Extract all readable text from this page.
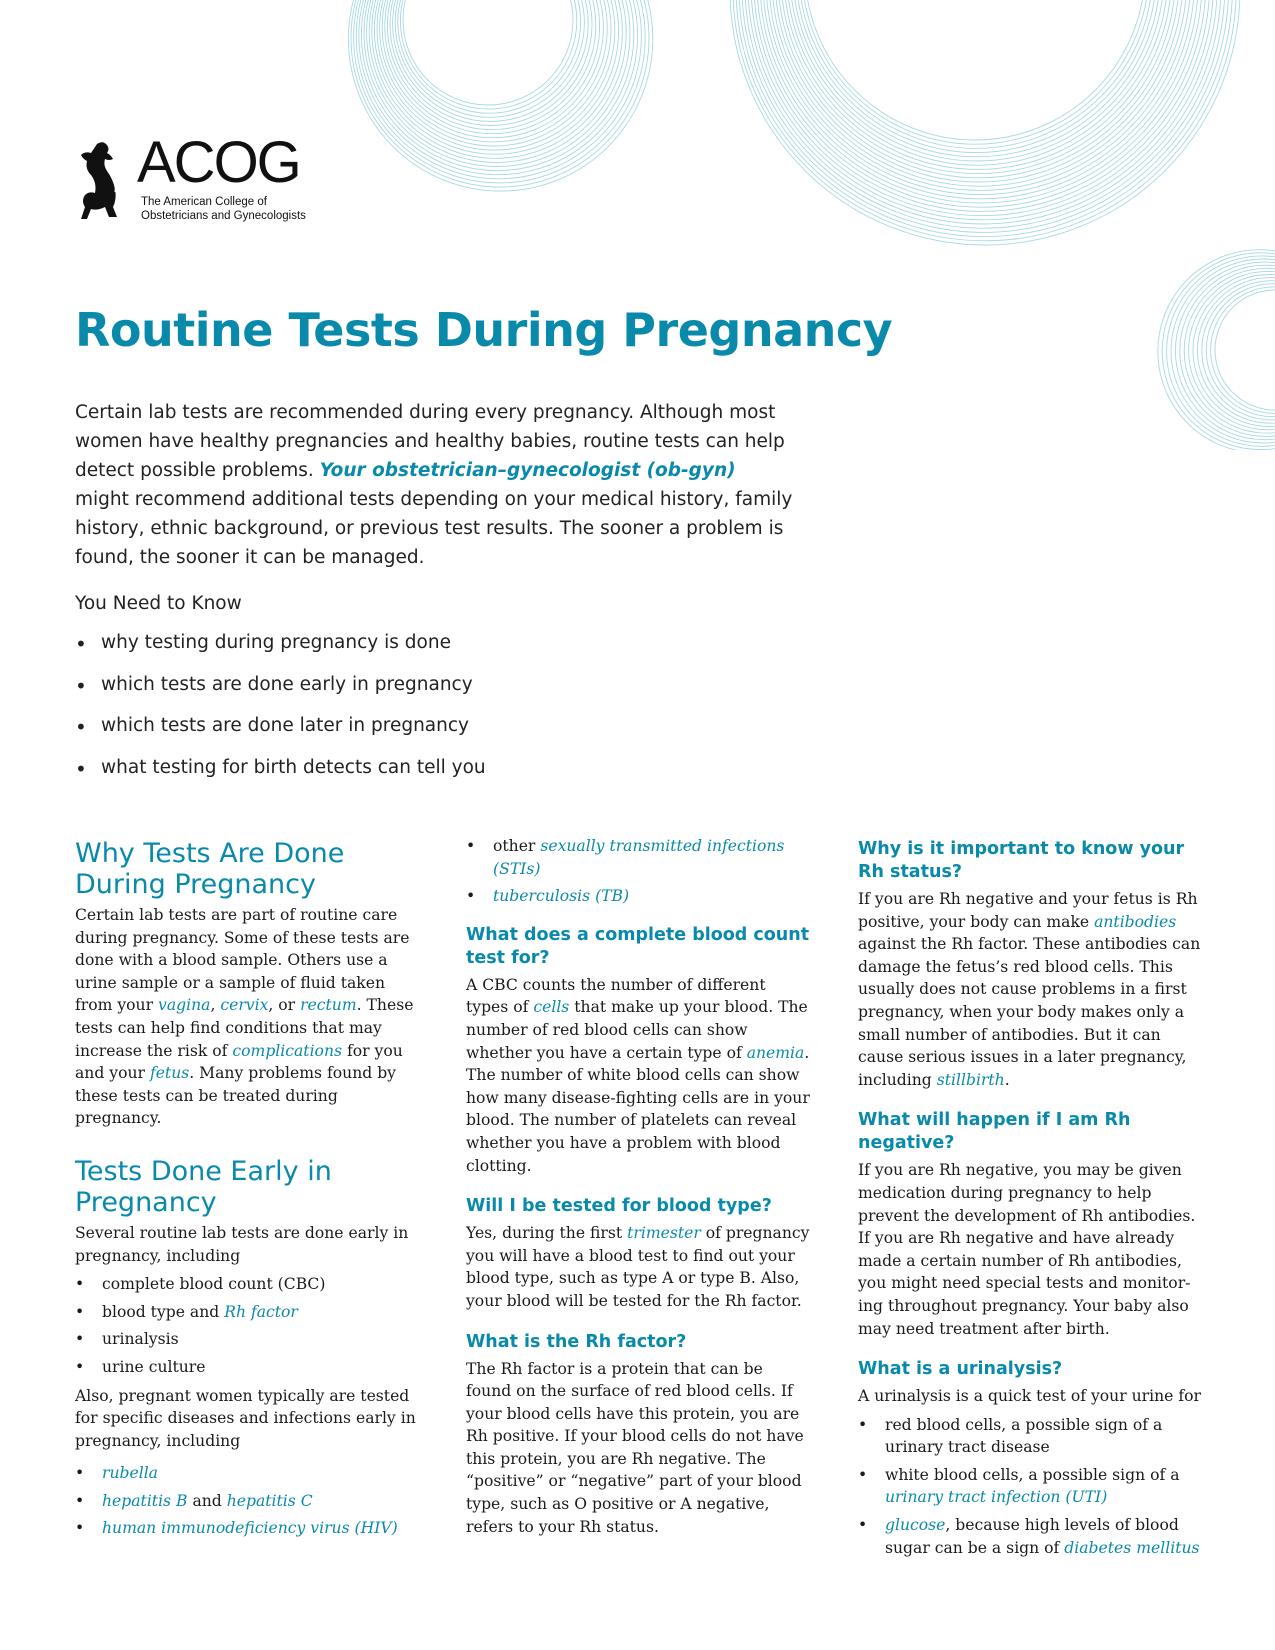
ACOG
The American College of
Obstetricians and Gynecologists
Routine Tests During Pregnancy

Certain lab tests are recommended during every pregnancy. Although most women have healthy pregnancies and healthy babies, routine tests can help detect possible problems. Your obstetrician–gynecologist (ob-gyn) might recommend additional tests depending on your medical history, family history, ethnic background, or previous test results. The sooner a problem is found, the sooner it can be managed.

You Need to Know
• why testing during pregnancy is done
• which tests are done early in pregnancy
• which tests are done later in pregnancy
• what testing for birth detects can tell you
Why Tests Are Done
During Pregnancy

Certain lab tests are part of routine care during pregnancy. Some of these tests are done with a blood sample. Others use a urine sample or a sample of fluid taken from your vagina, cervix, or rectum. These tests can help find conditions that may increase the risk of complications for you and your fetus. Many problems found by these tests can be treated during pregnancy.

Tests Done Early in
Pregnancy

Several routine lab tests are done early in pregnancy, including

• complete blood count (CBC)
• blood type and Rh factor
• urinalysis
• urine culture

Also, pregnant women typically are tested for specific diseases and infections early in pregnancy, including

• rubella
• hepatitis B and hepatitis C
• human immunodeficiency virus (HIV)
• other sexually transmitted infections (STIs)
• tuberculosis (TB)
What does a complete blood count test for?

A CBC counts the number of different types of cells that make up your blood. The number of red blood cells can show whether you have a certain type of anemia. The number of white blood cells can show how many disease-fighting cells are in your blood. The number of platelets can reveal whether you have a problem with blood clotting.

Will I be tested for blood type?

Yes, during the first trimester of pregnancy you will have a blood test to find out your blood type, such as type A or type B. Also, your blood will be tested for the Rh factor.

What is the Rh factor?

The Rh factor is a protein that can be found on the surface of red blood cells. If your blood cells have this protein, you are Rh positive. If your blood cells do not have this protein, you are Rh negative. The “positive” or “negative” part of your blood type, such as O positive or A negative, refers to your Rh status.

Why is it important to know your Rh status?

If you are Rh negative and your fetus is Rh positive, your body can make antibodies against the Rh factor. These antibodies can damage the fetus’s red blood cells. This usually does not cause problems in a first pregnancy, when your body makes only a small number of antibodies. But it can cause serious issues in a later pregnancy, including stillbirth.

What will happen if I am Rh negative?

If you are Rh negative, you may be given medication during pregnancy to help prevent the development of Rh antibodies. If you are Rh negative and have already made a certain number of Rh antibodies, you might need special tests and monitoring throughout pregnancy. Your baby also may need treatment after birth.

What is a urinalysis?

A urinalysis is a quick test of your urine for

• red blood cells, a possible sign of a urinary tract disease
• white blood cells, a possible sign of a urinary tract infection (UTI)
• glucose, because high levels of blood sugar can be a sign of diabetes mellitus
